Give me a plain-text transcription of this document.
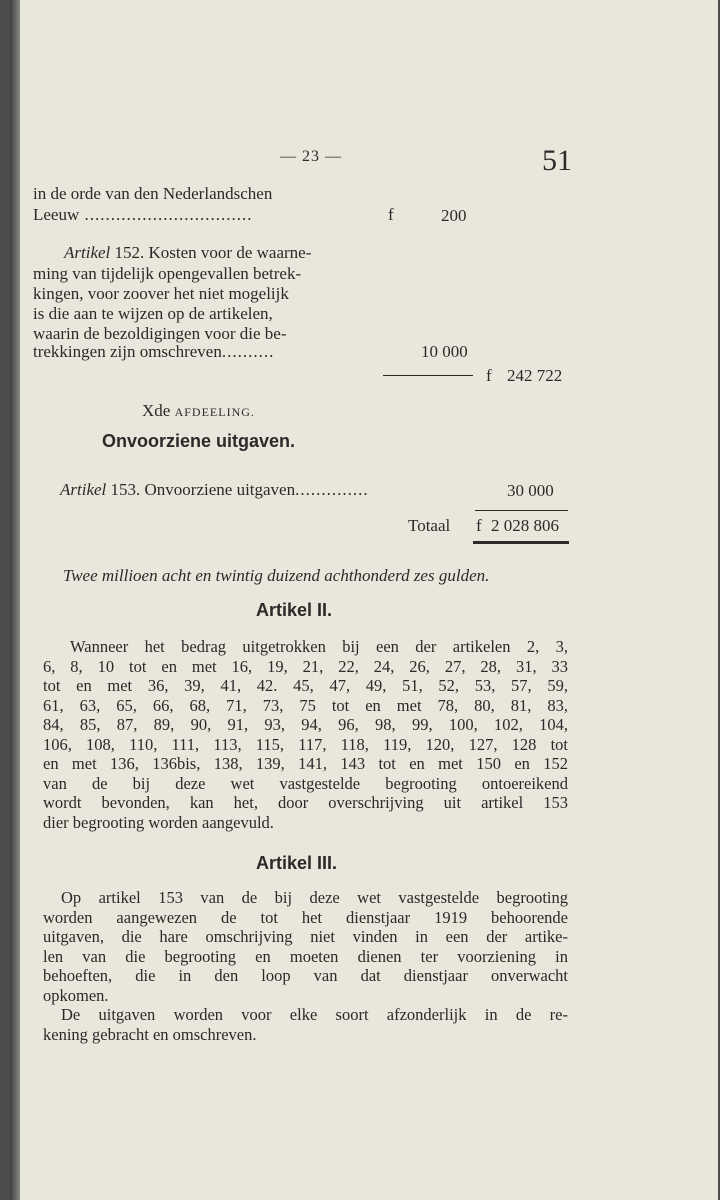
— 23 —	51
in de orde van den Nederlandschen
Leeuw ................................	f	200
Artikel 152. Kosten voor de waarne-
ming van tijdelijk opengevallen betrek-
kingen, voor zoover het niet mogelijk
is die aan te wijzen op de artikelen,
waarin de bezoldigingen voor die be-
trekkingen zijn omschreven..........	10 000
f 242 722
Xde AFDEELING.
Onvoorziene uitgaven.
Artikel 153. Onvoorziene uitgaven..............	30 000
Totaal f 2 028 806
Twee millioen acht en twintig duizend achthonderd zes gulden.
Artikel II.
Wanneer het bedrag uitgetrokken bij een der artikelen 2, 3,
6, 8, 10 tot en met 16, 19, 21, 22, 24, 26, 27, 28, 31, 33
tot en met 36, 39, 41, 42. 45, 47, 49, 51, 52, 53, 57, 59,
61, 63, 65, 66, 68, 71, 73, 75 tot en met 78, 80, 81, 83,
84, 85, 87, 89, 90, 91, 93, 94, 96, 98, 99, 100, 102, 104,
106, 108, 110, 111, 113, 115, 117, 118, 119, 120, 127, 128 tot
en met 136, 136bis, 138, 139, 141, 143 tot en met 150 en 152
van de bij deze wet vastgestelde begrooting ontoereikend
wordt bevonden, kan het, door overschrijving uit artikel 153
dier begrooting worden aangevuld.
Artikel III.
Op artikel 153 van de bij deze wet vastgestelde begrooting
worden aangewezen de tot het dienstjaar 1919 behoorende
uitgaven, die hare omschrijving niet vinden in een der artike-
len van die begrooting en moeten dienen ter voorziening in
behoeften, die in den loop van dat dienstjaar onverwacht
opkomen.
De uitgaven worden voor elke soort afzonderlijk in de re-
kening gebracht en omschreven.
